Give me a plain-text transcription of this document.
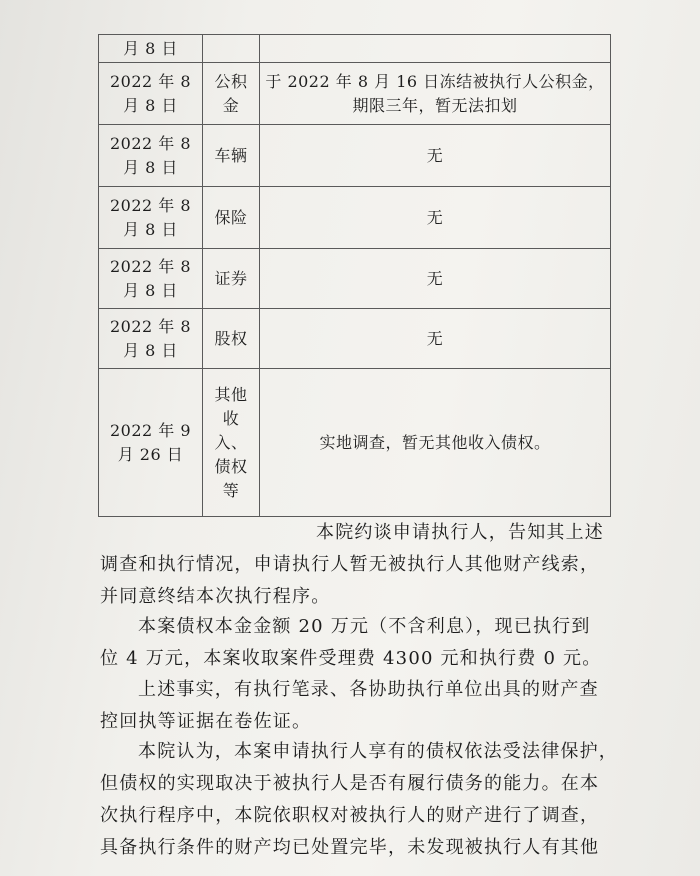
月 8 日		

2022 年 8
月 8 日	公积
金	于 2022 年 8 月 16 日冻结被执行人公积金，期限三年，暂无法扣划

2022 年 8
月 8 日	车辆	无

2022 年 8
月 8 日	保险	无

2022 年 8
月 8 日	证券	无

2022 年 8
月 8 日	股权	无

2022 年 9
月 26 日	其他
收
入、
债权
等	实地调查，暂无其他收入债权。
本院约谈申请执行人，告知其上述
调查和执行情况，申请执行人暂无被执行人其他财产线索，
并同意终结本次执行程序。
本案债权本金金额 20 万元（不含利息），现已执行到
位 4 万元，本案收取案件受理费 4300 元和执行费 0 元。
上述事实，有执行笔录、各协助执行单位出具的财产查
控回执等证据在卷佐证。
本院认为，本案申请执行人享有的债权依法受法律保护，
但债权的实现取决于被执行人是否有履行债务的能力。在本
次执行程序中，本院依职权对被执行人的财产进行了调查，
具备执行条件的财产均已处置完毕，未发现被执行人有其他
